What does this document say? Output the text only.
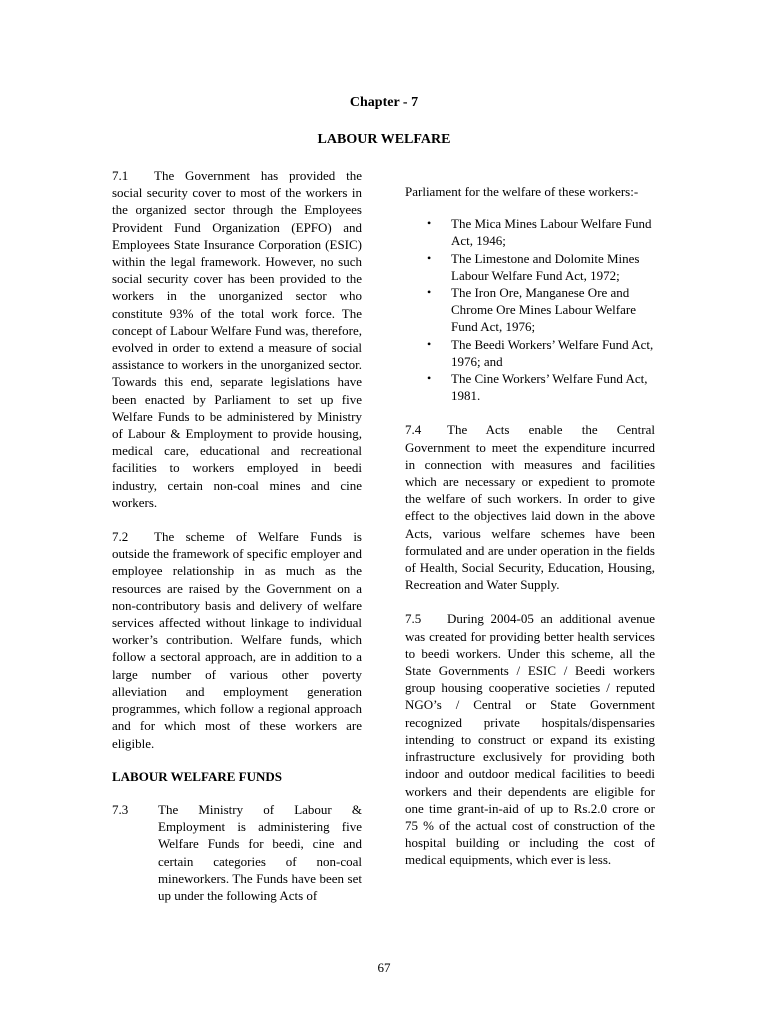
Chapter - 7
LABOUR WELFARE

7.1 The Government has provided the social security cover to most of the workers in the organized sector through the Employees Provident Fund Organization (EPFO) and Employees State Insurance Corporation (ESIC) within the legal framework. However, no such social security cover has been provided to the workers in the unorganized sector who constitute 93% of the total work force. The concept of Labour Welfare Fund was, therefore, evolved in order to extend a measure of social assistance to workers in the unorganized sector. Towards this end, separate legislations have been enacted by Parliament to set up five Welfare Funds to be administered by Ministry of Labour & Employment to provide housing, medical care, educational and recreational facilities to workers employed in beedi industry, certain non-coal mines and cine workers.

7.2 The scheme of Welfare Funds is outside the framework of specific employer and employee relationship in as much as the resources are raised by the Government on a non-contributory basis and delivery of welfare services affected without linkage to individual worker’s contribution. Welfare funds, which follow a sectoral approach, are in addition to a large number of various other poverty alleviation and employment generation programmes, which follow a regional approach and for which most of these workers are eligible.

LABOUR WELFARE FUNDS

7.3	The Ministry of Labour & Employment is administering five Welfare Funds for beedi, cine and certain categories of non-coal mineworkers. The Funds have been set up under the following Acts of

Parliament for the welfare of these workers:-

•	The Mica Mines Labour Welfare Fund Act, 1946;
•	The Limestone and Dolomite Mines Labour Welfare Fund Act, 1972;
•	The Iron Ore, Manganese Ore and Chrome Ore Mines Labour Welfare Fund Act, 1976;
•	The Beedi Workers’ Welfare Fund Act, 1976; and
•	The Cine Workers’ Welfare Fund Act, 1981.

7.4 The Acts enable the Central Government to meet the expenditure incurred in connection with measures and facilities which are necessary or expedient to promote the welfare of such workers. In order to give effect to the objectives laid down in the above Acts, various welfare schemes have been formulated and are under operation in the fields of Health, Social Security, Education, Housing, Recreation and Water Supply.

7.5 During 2004-05 an additional avenue was created for providing better health services to beedi workers. Under this scheme, all the State Governments / ESIC / Beedi workers group housing cooperative societies / reputed NGO’s / Central or State Government recognized private hospitals/dispensaries intending to construct or expand its existing infrastructure exclusively for providing both indoor and outdoor medical facilities to beedi workers and their dependents are eligible for one time grant-in-aid of up to Rs.2.0 crore or 75 % of the actual cost of construction of the hospital building or including the cost of medical equipments, which ever is less.

67
